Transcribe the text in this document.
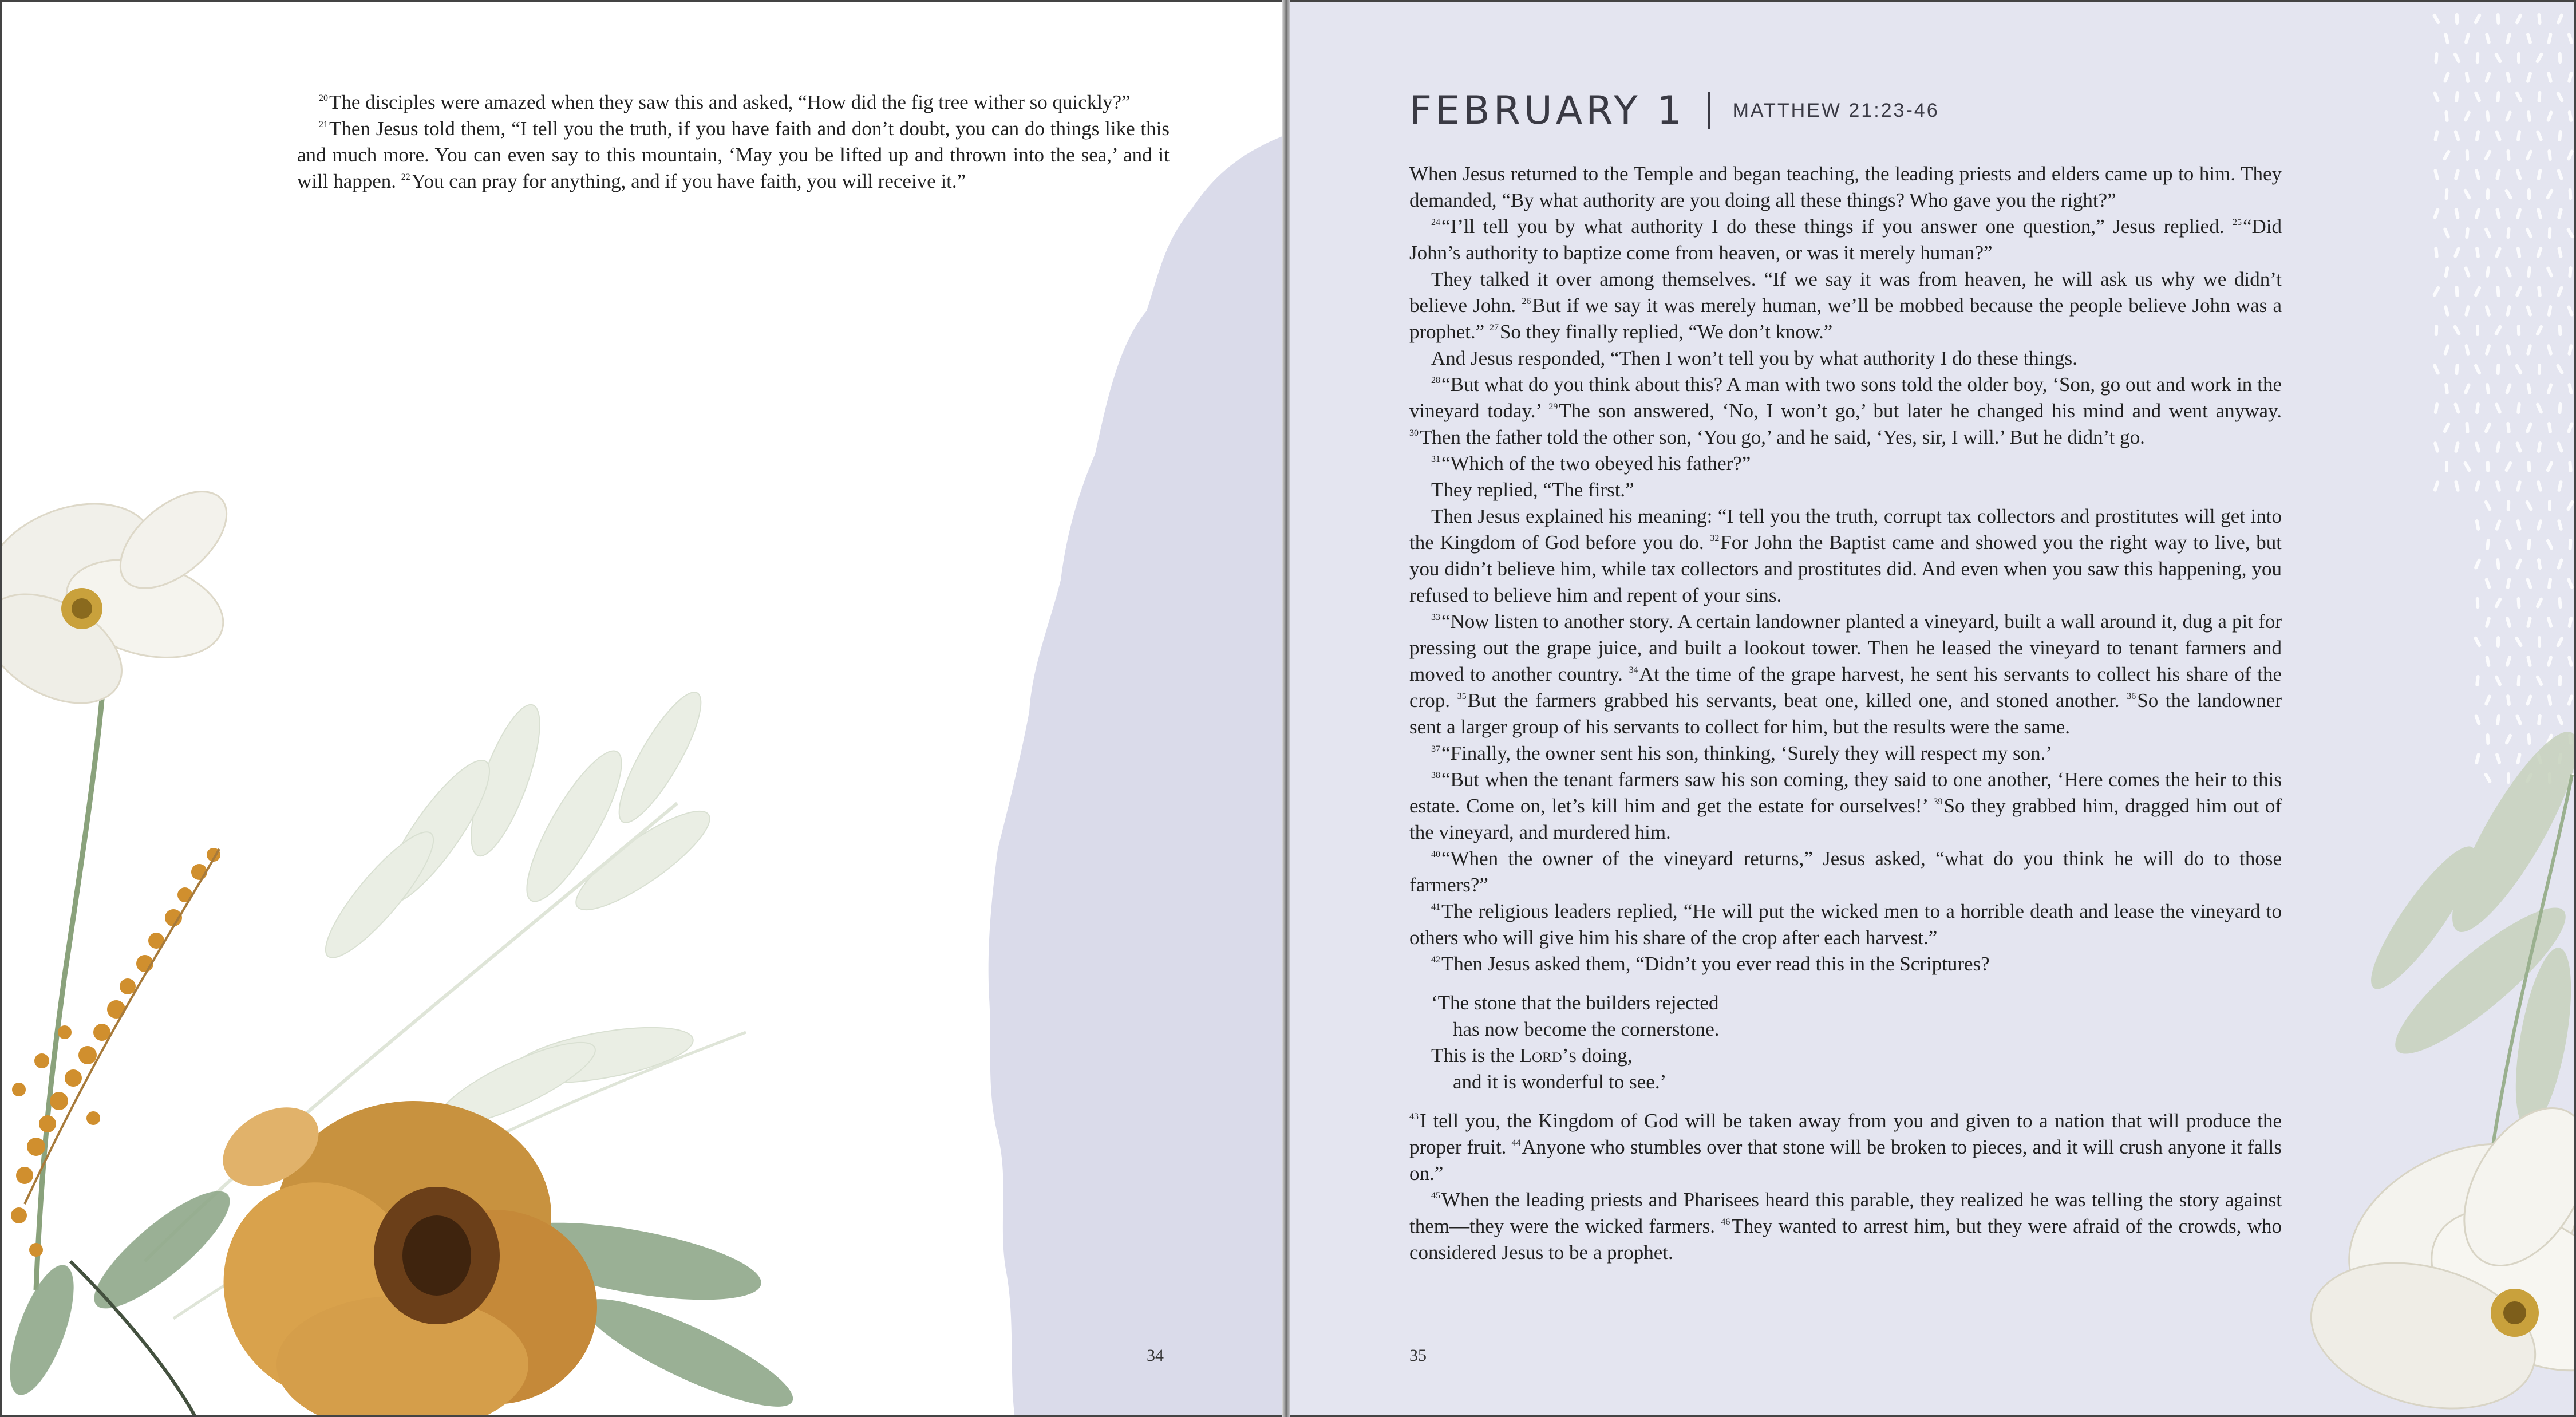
$^{20}$The disciples were amazed when they saw this and asked, “How did the fig tree wither so quickly?”

$^{21}$Then Jesus told them, “I tell you the truth, if you have faith and don’t doubt, you can do things like this and much more. You can even say to this mountain, ‘May you be lifted up and thrown into the sea,’ and it will happen. $^{22}$You can pray for anything, and if you have faith, you will receive it.”

34
FEBRUARY 1 MATTHEW 21:23-46

When Jesus returned to the Temple and began teaching, the leading priests and elders came up to him. They demanded, “By what authority are you doing all these things? Who gave you the right?”

$^{24}$“I’ll tell you by what authority I do these things if you answer one question,” Jesus replied. $^{25}$“Did John’s authority to baptize come from heaven, or was it merely human?”

They talked it over among themselves. “If we say it was from heaven, he will ask us why we didn’t believe John. $^{26}$But if we say it was merely human, we’ll be mobbed because the people believe John was a prophet.” $^{27}$So they finally replied, “We don’t know.”

And Jesus responded, “Then I won’t tell you by what authority I do these things.

$^{28}$“But what do you think about this? A man with two sons told the older boy, ‘Son, go out and work in the vineyard today.’ $^{29}$The son answered, ‘No, I won’t go,’ but later he changed his mind and went anyway. $^{30}$Then the father told the other son, ‘You go,’ and he said, ‘Yes, sir, I will.’ But he didn’t go.

$^{31}$“Which of the two obeyed his father?”

They replied, “The first.”

Then Jesus explained his meaning: “I tell you the truth, corrupt tax collectors and prostitutes will get into the Kingdom of God before you do. $^{32}$For John the Baptist came and showed you the right way to live, but you didn’t believe him, while tax collectors and prostitutes did. And even when you saw this happening, you refused to believe him and repent of your sins.

$^{33}$“Now listen to another story. A certain landowner planted a vineyard, built a wall around it, dug a pit for pressing out the grape juice, and built a lookout tower. Then he leased the vineyard to tenant farmers and moved to another country. $^{34}$At the time of the grape harvest, he sent his servants to collect his share of the crop. $^{35}$But the farmers grabbed his servants, beat one, killed one, and stoned another. $^{36}$So the landowner sent a larger group of his servants to collect for him, but the results were the same.

$^{37}$“Finally, the owner sent his son, thinking, ‘Surely they will respect my son.’

$^{38}$“But when the tenant farmers saw his son coming, they said to one another, ‘Here comes the heir to this estate. Come on, let’s kill him and get the estate for ourselves!’ $^{39}$So they grabbed him, dragged him out of the vineyard, and murdered him.

$^{40}$“When the owner of the vineyard returns,” Jesus asked, “what do you think he will do to those farmers?”

$^{41}$The religious leaders replied, “He will put the wicked men to a horrible death and lease the vineyard to others who will give him his share of the crop after each harvest.”

$^{42}$Then Jesus asked them, “Didn’t you ever read this in the Scriptures?

‘The stone that the builders rejected
has now become the cornerstone.
This is the Lord’s doing,
and it is wonderful to see.’

$^{43}$I tell you, the Kingdom of God will be taken away from you and given to a nation that will produce the proper fruit. $^{44}$Anyone who stumbles over that stone will be broken to pieces, and it will crush anyone it falls on.”

$^{45}$When the leading priests and Pharisees heard this parable, they realized he was telling the story against them—they were the wicked farmers. $^{46}$They wanted to arrest him, but they were afraid of the crowds, who considered Jesus to be a prophet.

35
